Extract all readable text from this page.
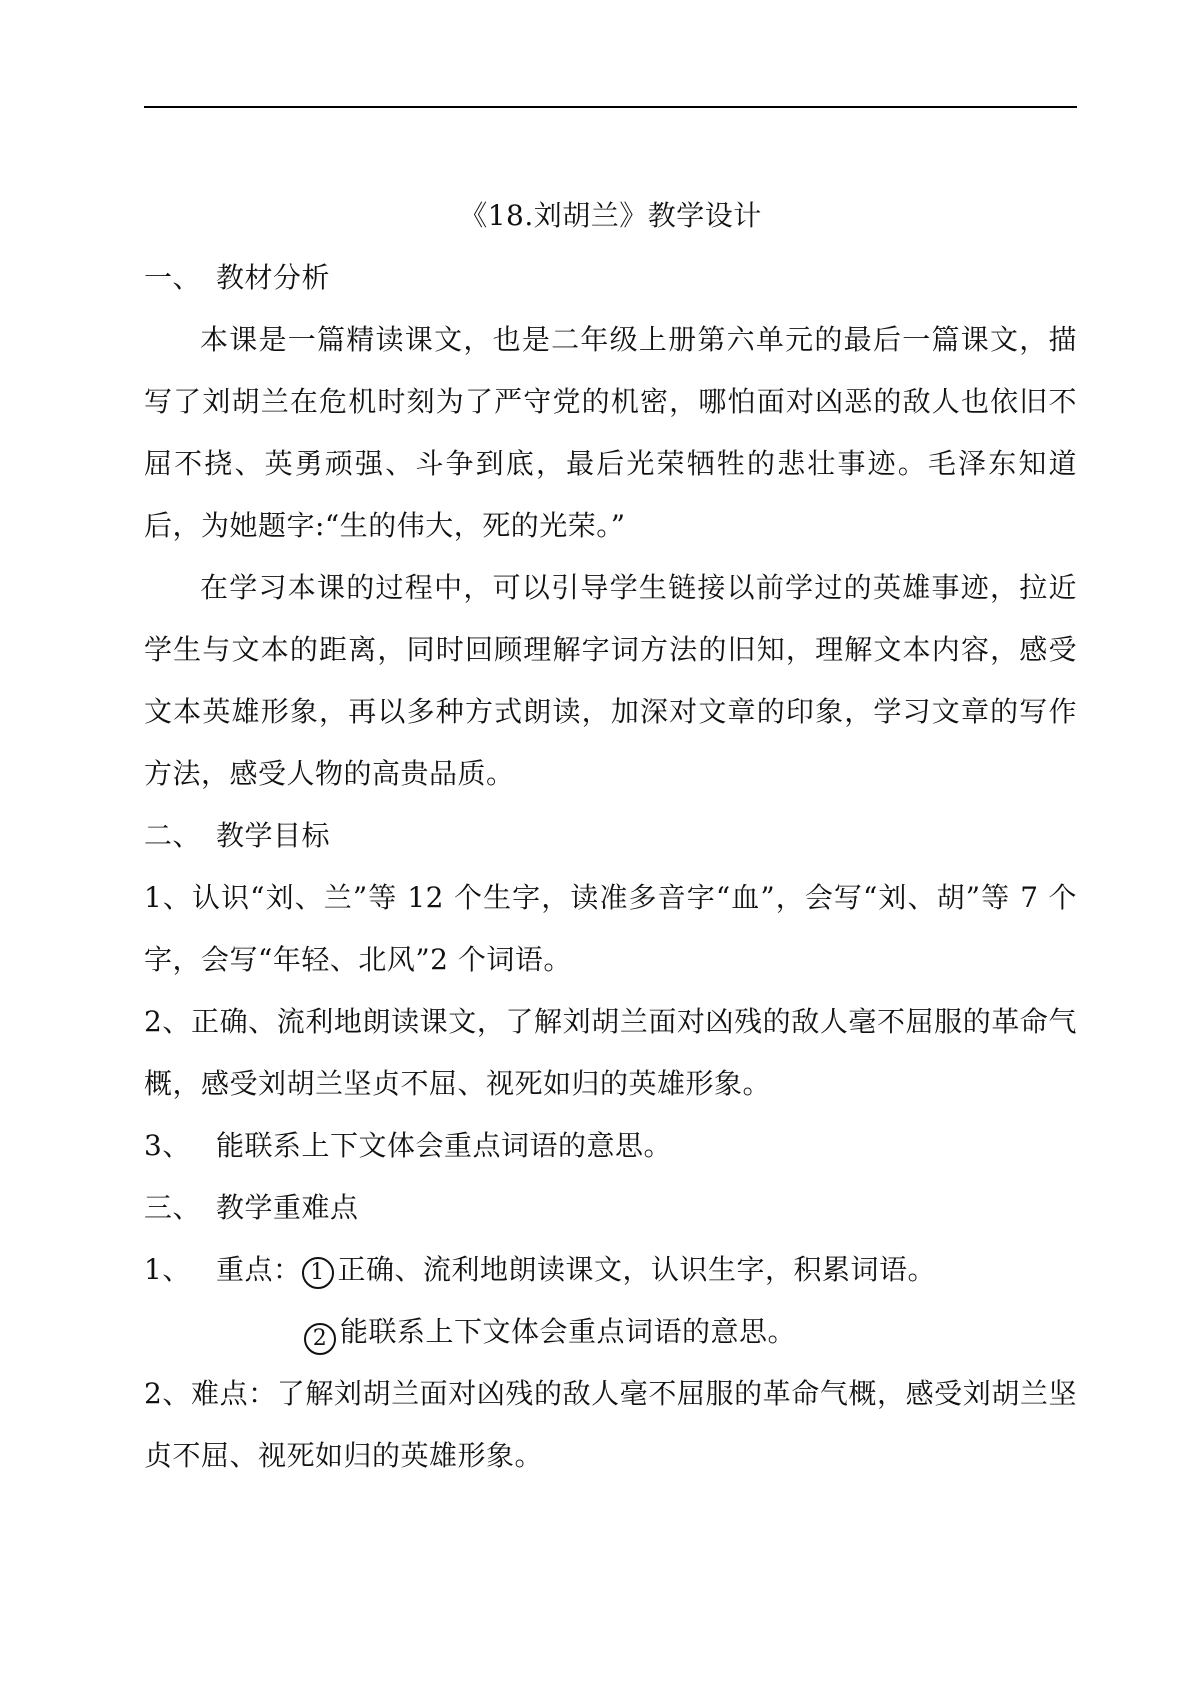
《18.刘胡兰》教学设计

一、 教材分析

本课是一篇精读课文，也是二年级上册第六单元的最后一篇课文，描写了刘胡兰在危机时刻为了严守党的机密，哪怕面对凶恶的敌人也依旧不屈不挠、英勇顽强、斗争到底，最后光荣牺牲的悲壮事迹。毛泽东知道后，为她题字:“生的伟大，死的光荣。”

在学习本课的过程中，可以引导学生链接以前学过的英雄事迹，拉近学生与文本的距离，同时回顾理解字词方法的旧知，理解文本内容，感受文本英雄形象，再以多种方式朗读，加深对文章的印象，学习文章的写作方法，感受人物的高贵品质。

二、 教学目标

1、认识“刘、兰”等 12 个生字，读准多音字“血”，会写“刘、胡”等 7 个字，会写“年轻、北风”2 个词语。

2、正确、流利地朗读课文，了解刘胡兰面对凶残的敌人毫不屈服的革命气概，感受刘胡兰坚贞不屈、视死如归的英雄形象。

3、 能联系上下文体会重点词语的意思。

三、 教学重难点

1、 重点： 1 正确、流利地朗读课文，认识生字，积累词语。

2 能联系上下文体会重点词语的意思。

2、难点：了解刘胡兰面对凶残的敌人毫不屈服的革命气概，感受刘胡兰坚贞不屈、视死如归的英雄形象。
